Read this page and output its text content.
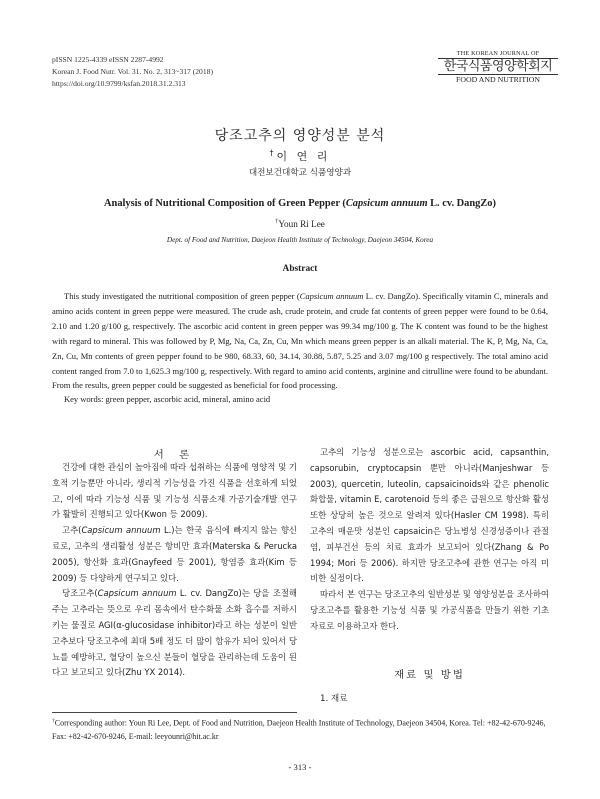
pISSN 1225-4339 eISSN 2287-4992
Korean J. Food Nutr. Vol. 31. No. 2, 313~317 (2018)
https://doi.org/10.9799/ksfan.2018.31.2.313
THE KOREAN JOURNAL OF
한국식품영양학회지
FOOD AND NUTRITION
당조고추의 영양성분 분석
†이 연 리
대전보건대학교 식품영양과
Analysis of Nutritional Composition of Green Pepper (Capsicum annuum L. cv. DangZo)
†Youn Ri Lee
Dept. of Food and Nutrition, Daejeon Health Institute of Technology, Daejeon 34504, Korea
Abstract
This study investigated the nutritional composition of green pepper (Capsicum annuum L. cv. DangZo). Specifically vitamin C, minerals and amino acids content in green peppe were measured. The crude ash, crude protein, and crude fat contents of green pepper were found to be 0.64, 2.10 and 1.20 g/100 g, respectively. The ascorbic acid content in green pepper was 99.34 mg/100 g. The K content was found to be the highest with regard to mineral. This was followed by P, Mg, Na, Ca, Zn, Cu, Mn which means green pepper is an alkali material. The K, P, Mg, Na, Ca, Zn, Cu, Mn contents of green pepper found to be 980, 68.33, 60, 34.14, 30.88, 5.87, 5.25 and 3.07 mg/100 g respectively. The total amino acid content ranged from 7.0 to 1,625.3 mg/100 g, respectively. With regard to amino acid contents, arginine and citrulline were found to be abundant. From the results, green pepper could be suggested as beneficial for food processing.
Key words: green pepper, ascorbic acid, mineral, amino acid
서 론

건강에 대한 관심이 높아짐에 따라 섭취하는 식품에 영양적 및 기호적 기능뿐만 아니라, 생리적 기능성을 가진 식품을 선호하게 되었고, 이에 따라 기능성 식품 및 기능성 식품소재 가공기술개발 연구가 활발히 진행되고 있다(Kwon 등 2009).

고추(Capsicum annuum L.)는 한국 음식에 빠지지 않는 향신료로, 고추의 생리활성 성분은 항비만 효과(Materska & Perucka 2005), 항산화 효과(Gnayfeed 등 2001), 항염증 효과(Kim 등 2009) 등 다양하게 연구되고 있다.

당조고추(Capsicum annuum L. cv. DangZo)는 당을 조절해 주는 고추라는 뜻으로 우리 몸속에서 탄수화물 소화 흡수를 저하시키는 물질로 AGI(α-glucosidase inhibitor)라고 하는 성분이 일반 고추보다 당조고추에 최대 5배 정도 더 많이 함유가 되어 있어서 당뇨를 예방하고, 혈당이 높으신 분들이 혈당을 관리하는데 도움이 된다고 보고되고 있다(Zhu YX 2014).

고추의 기능성 성분으로는 ascorbic acid, capsanthin, capsorubin, cryptocapsin 뿐만 아니라(Manjeshwar 등 2003), quercetin, luteolin, capsaicinoids와 같은 phenolic 화합물, vitamin E, carotenoid 등의 좋은 급원으로 항산화 활성 또한 상당히 높은 것으로 알려져 있다(Hasler CM 1998). 특히 고추의 매운맛 성분인 capsaicin은 당뇨병성 신경성증이나 관절염, 피부건선 등의 치료 효과가 보고되어 있다(Zhang & Po 1994; Mori 등 2006). 하지만 당조고추에 관한 연구는 아직 미비한 실정이다.

따라서 본 연구는 당조고추의 일반성분 및 영양성분을 조사하여 당조고추를 활용한 기능성 식품 및 가공식품을 만들기 위한 기초자료로 이용하고자 한다.

재료 및 방법
1. 재료
†Corresponding author: Youn Ri Lee, Dept. of Food and Nutrition, Daejeon Health Institute of Technology, Daejeon 34504, Korea. Tel: +82-42-670-9246, Fax: +82-42-670-9246, E-mail: leeyounri@hit.ac.kr
- 313 -
